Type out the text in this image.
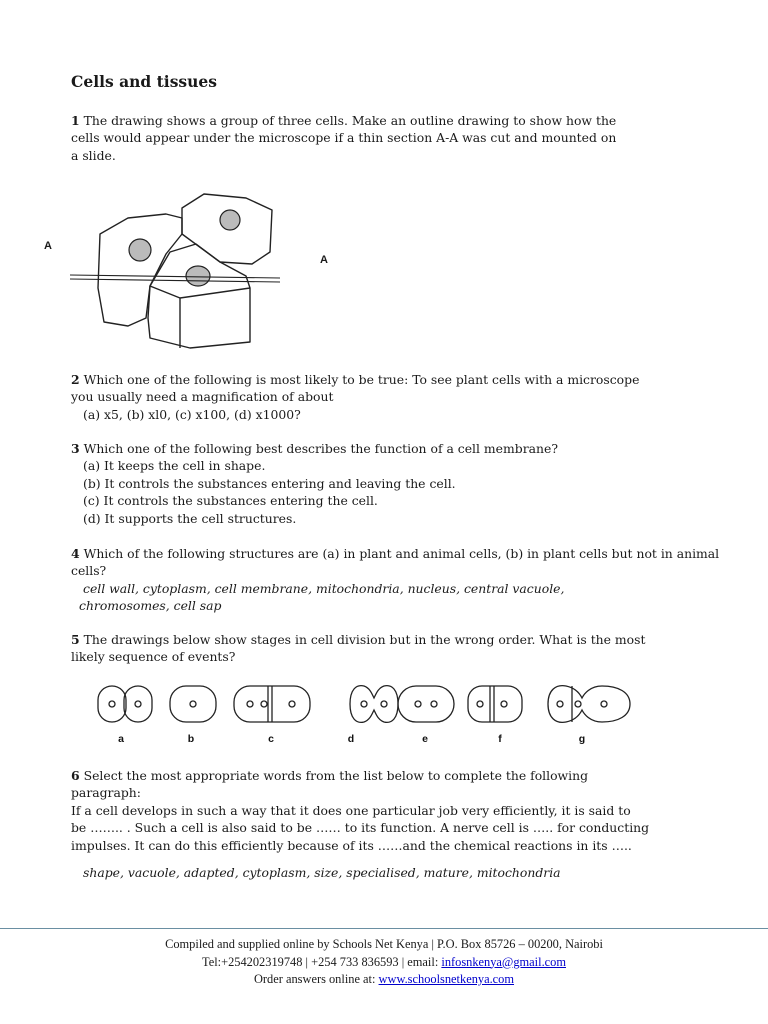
Cells and tissues
1 The drawing shows a group of three cells. Make an outline drawing to show how the
cells would appear under the microscope if a thin section A-A was cut and mounted on
a slide.
A
A
2 Which one of the following is most likely to be true: To see plant cells with a microscope
you usually need a magnification of about
(a) x5, (b) xl0, (c) x100, (d) x1000?
3 Which one of the following best describes the function of a cell membrane?
(a) It keeps the cell in shape.
(b) It controls the substances entering and leaving the cell.
(c) It controls the substances entering the cell.
(d) It supports the cell structures.
4 Which of the following structures are (a) in plant and animal cells, (b) in plant cells but not in animal
cells?
cell wall, cytoplasm, cell membrane, mitochondria, nucleus, central vacuole,
chromosomes, cell sap
5 The drawings below show stages in cell division but in the wrong order. What is the most
likely sequence of events?
a	b	c	d	e	f	g
6 Select the most appropriate words from the list below to complete the following
paragraph:
If a cell develops in such a way that it does one particular job very efficiently, it is said to
be …….. . Such a cell is also said to be …… to its function. A nerve cell is ….. for conducting
impulses. It can do this efficiently because of its ……and the chemical reactions in its …..
shape, vacuole, adapted, cytoplasm, size, specialised, mature, mitochondria
Compiled and supplied online by Schools Net Kenya | P.O. Box 85726 – 00200, Nairobi
Tel:+254202319748 | +254 733 836593 | email: infosnkenya@gmail.com
Order answers online at: www.schoolsnetkenya.com
